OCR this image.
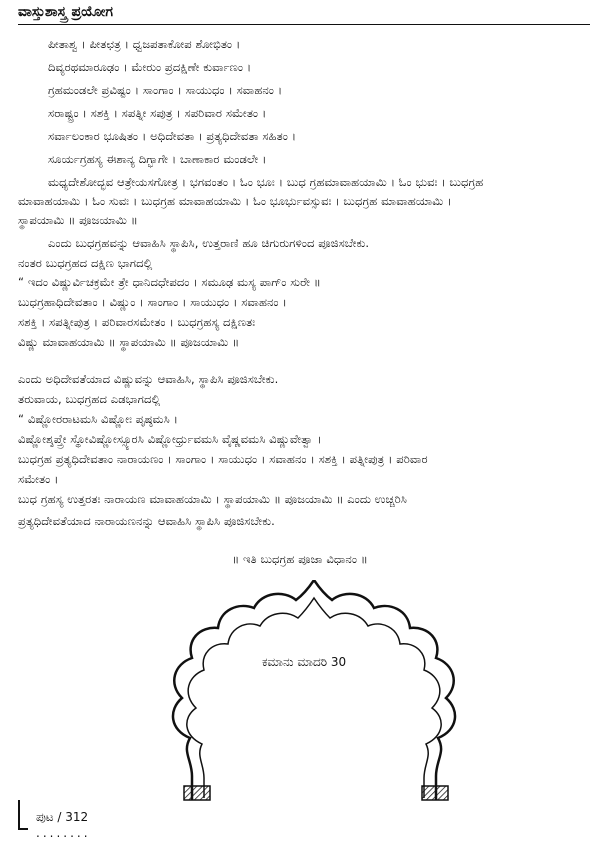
ವಾಸ್ತುಶಾಸ್ತ್ರ ಪ್ರಯೋಗ
ಪೀತಾಶ್ವ । ಪೀತಛತ್ರ । ಧ್ವಜಪತಾಕೋಪ ಶೋಭಿತಂ ।
ದಿವ್ಯರಥಮಾರೂಢಂ । ಮೇರುಂ ಪ್ರದಕ್ಷಿಣೇ ಕುರ್ವಾಣಂ ।
ಗ್ರಹಮಂಡಲೇ ಪ್ರವಿಷ್ಟಂ । ಸಾಂಗಾಂ । ಸಾಯುಧಂ । ಸವಾಹನಂ ।
ಸರಾಷ್ಟ್ರಂ । ಸಶಕ್ತಿ । ಸಪತ್ನೀ ಸಪುತ್ರ । ಸಪರಿವಾರ ಸಮೇತಂ ।
ಸರ್ವಾಲಂಕಾರ ಭೂಷಿತಂ । ಅಧಿದೇವತಾ । ಪ್ರತ್ಯಧಿದೇವತಾ ಸಹಿತಂ ।
ಸೂರ್ಯಗ್ರಹಸ್ಯ ಈಶಾನ್ಯ ದಿಗ್ಭಾಗೇ । ಬಾಣಾಕಾರ ಮಂಡಲೇ ।
ಮಧ್ಯದೇಶೋದ್ಭವ ಆತ್ರೇಯಸಗೋತ್ರ । ಭಗವಂತಂ । ಓಂ ಭೂಃ । ಬುಧ ಗ್ರಹಮಾವಾಹಯಾಮಿ । ಓಂ ಭುವಃ । ಬುಧಗ್ರಹ
ಮಾವಾಹಯಾಮಿ । ಓಂ ಸುವಃ । ಬುಧಗ್ರಹ ಮಾವಾಹಯಾಮಿ । ಓಂ ಭೂರ್ಭುವಸ್ಸುವಃ । ಬುಧಗ್ರಹ ಮಾವಾಹಯಾಮಿ ।
ಸ್ಥಾಪಯಾಮಿ ॥ ಪೂಜಯಾಮಿ ॥
ಎಂದು ಬುಧಗ್ರಹವನ್ನು ಆವಾಹಿಸಿ ಸ್ಥಾಪಿಸಿ, ಉತ್ತರಾಣಿ ಹೂ ಚಿಗುರುಗಳಿಂದ ಪೂಜಿಸಬೇಕು.
ನಂತರ ಬುಧಗ್ರಹದ ದಕ್ಷಿಣ ಭಾಗದಲ್ಲಿ
“ ಇದಂ ವಿಷ್ಣುರ್ವಿಚಕ್ರಮೇ ತ್ರೇ ಧಾನಿದಧೇಪದಂ । ಸಮೂಢ ಮಸ್ಯ ಪಾಗ್ಂ ಸುರೇ ॥
ಬುಧಗ್ರಹಾಧಿದೇವತಾಂ । ವಿಷ್ಣುಂ । ಸಾಂಗಾಂ । ಸಾಯುಧಂ । ಸವಾಹನಂ ।
ಸಶಕ್ತಿ । ಸಪತ್ನೀಪುತ್ರ । ಪರಿವಾರಸಮೇತಂ । ಬುಧಗ್ರಹಸ್ಯ ದಕ್ಷಿಣತಃ
ವಿಷ್ಣು ಮಾವಾಹಯಾಮಿ ॥ ಸ್ಥಾಪಯಾಮಿ ॥ ಪೂಜಯಾಮಿ ॥
ಎಂದು ಅಧಿದೇವತೆಯಾದ ವಿಷ್ಣುವನ್ನು ಆವಾಹಿಸಿ, ಸ್ಥಾಪಿಸಿ ಪೂಜಿಸಬೇಕು.
ತರುವಾಯ, ಬುಧಗ್ರಹದ ಎಡಭಾಗದಲ್ಲಿ
“ ವಿಷ್ಣೋರರಾಟಮಸಿ ವಿಷ್ಣೋಃ ಪೃಷ್ಠಮಸಿ ।
ವಿಷ್ಣೋಶ್ಶಪ್ತ್ರೇ ಸ್ಥೋವಿಷ್ಣೋಸ್ಸ್ಯೂರಸಿ ವಿಷ್ಣೋರ್ಧ್ರುವಮಸಿ ವೈಷ್ಣವಮಸಿ ವಿಷ್ಣುವೇತ್ವಾ ।
ಬುಧಗ್ರಹ ಪ್ರತ್ಯಧಿದೇವತಾಂ ನಾರಾಯಣಂ । ಸಾಂಗಾಂ । ಸಾಯುಧಂ । ಸವಾಹನಂ । ಸಶಕ್ತಿ । ಪತ್ನೀಪುತ್ರ । ಪರಿವಾರ
ಸಮೇತಂ ।
ಬುಧ ಗ್ರಹಸ್ಯ ಉತ್ತರತಃ ನಾರಾಯಣ ಮಾವಾಹಯಾಮಿ । ಸ್ಥಾಪಯಾಮಿ ॥ ಪೂಜಯಾಮಿ ॥ ಎಂದು ಉಚ್ಚರಿಸಿ
ಪ್ರತ್ಯಧಿದೇವತೆಯಾದ ನಾರಾಯಣನನ್ನು ಆವಾಹಿಸಿ ಸ್ಥಾಪಿಸಿ ಪೂಜಿಸಬೇಕು.
॥ ಇತಿ ಬುಧಗ್ರಹ ಪೂಜಾ ವಿಧಾನಂ ॥
ಕಮಾನು ಮಾದರಿ 30
ಪುಟ / 312
........
